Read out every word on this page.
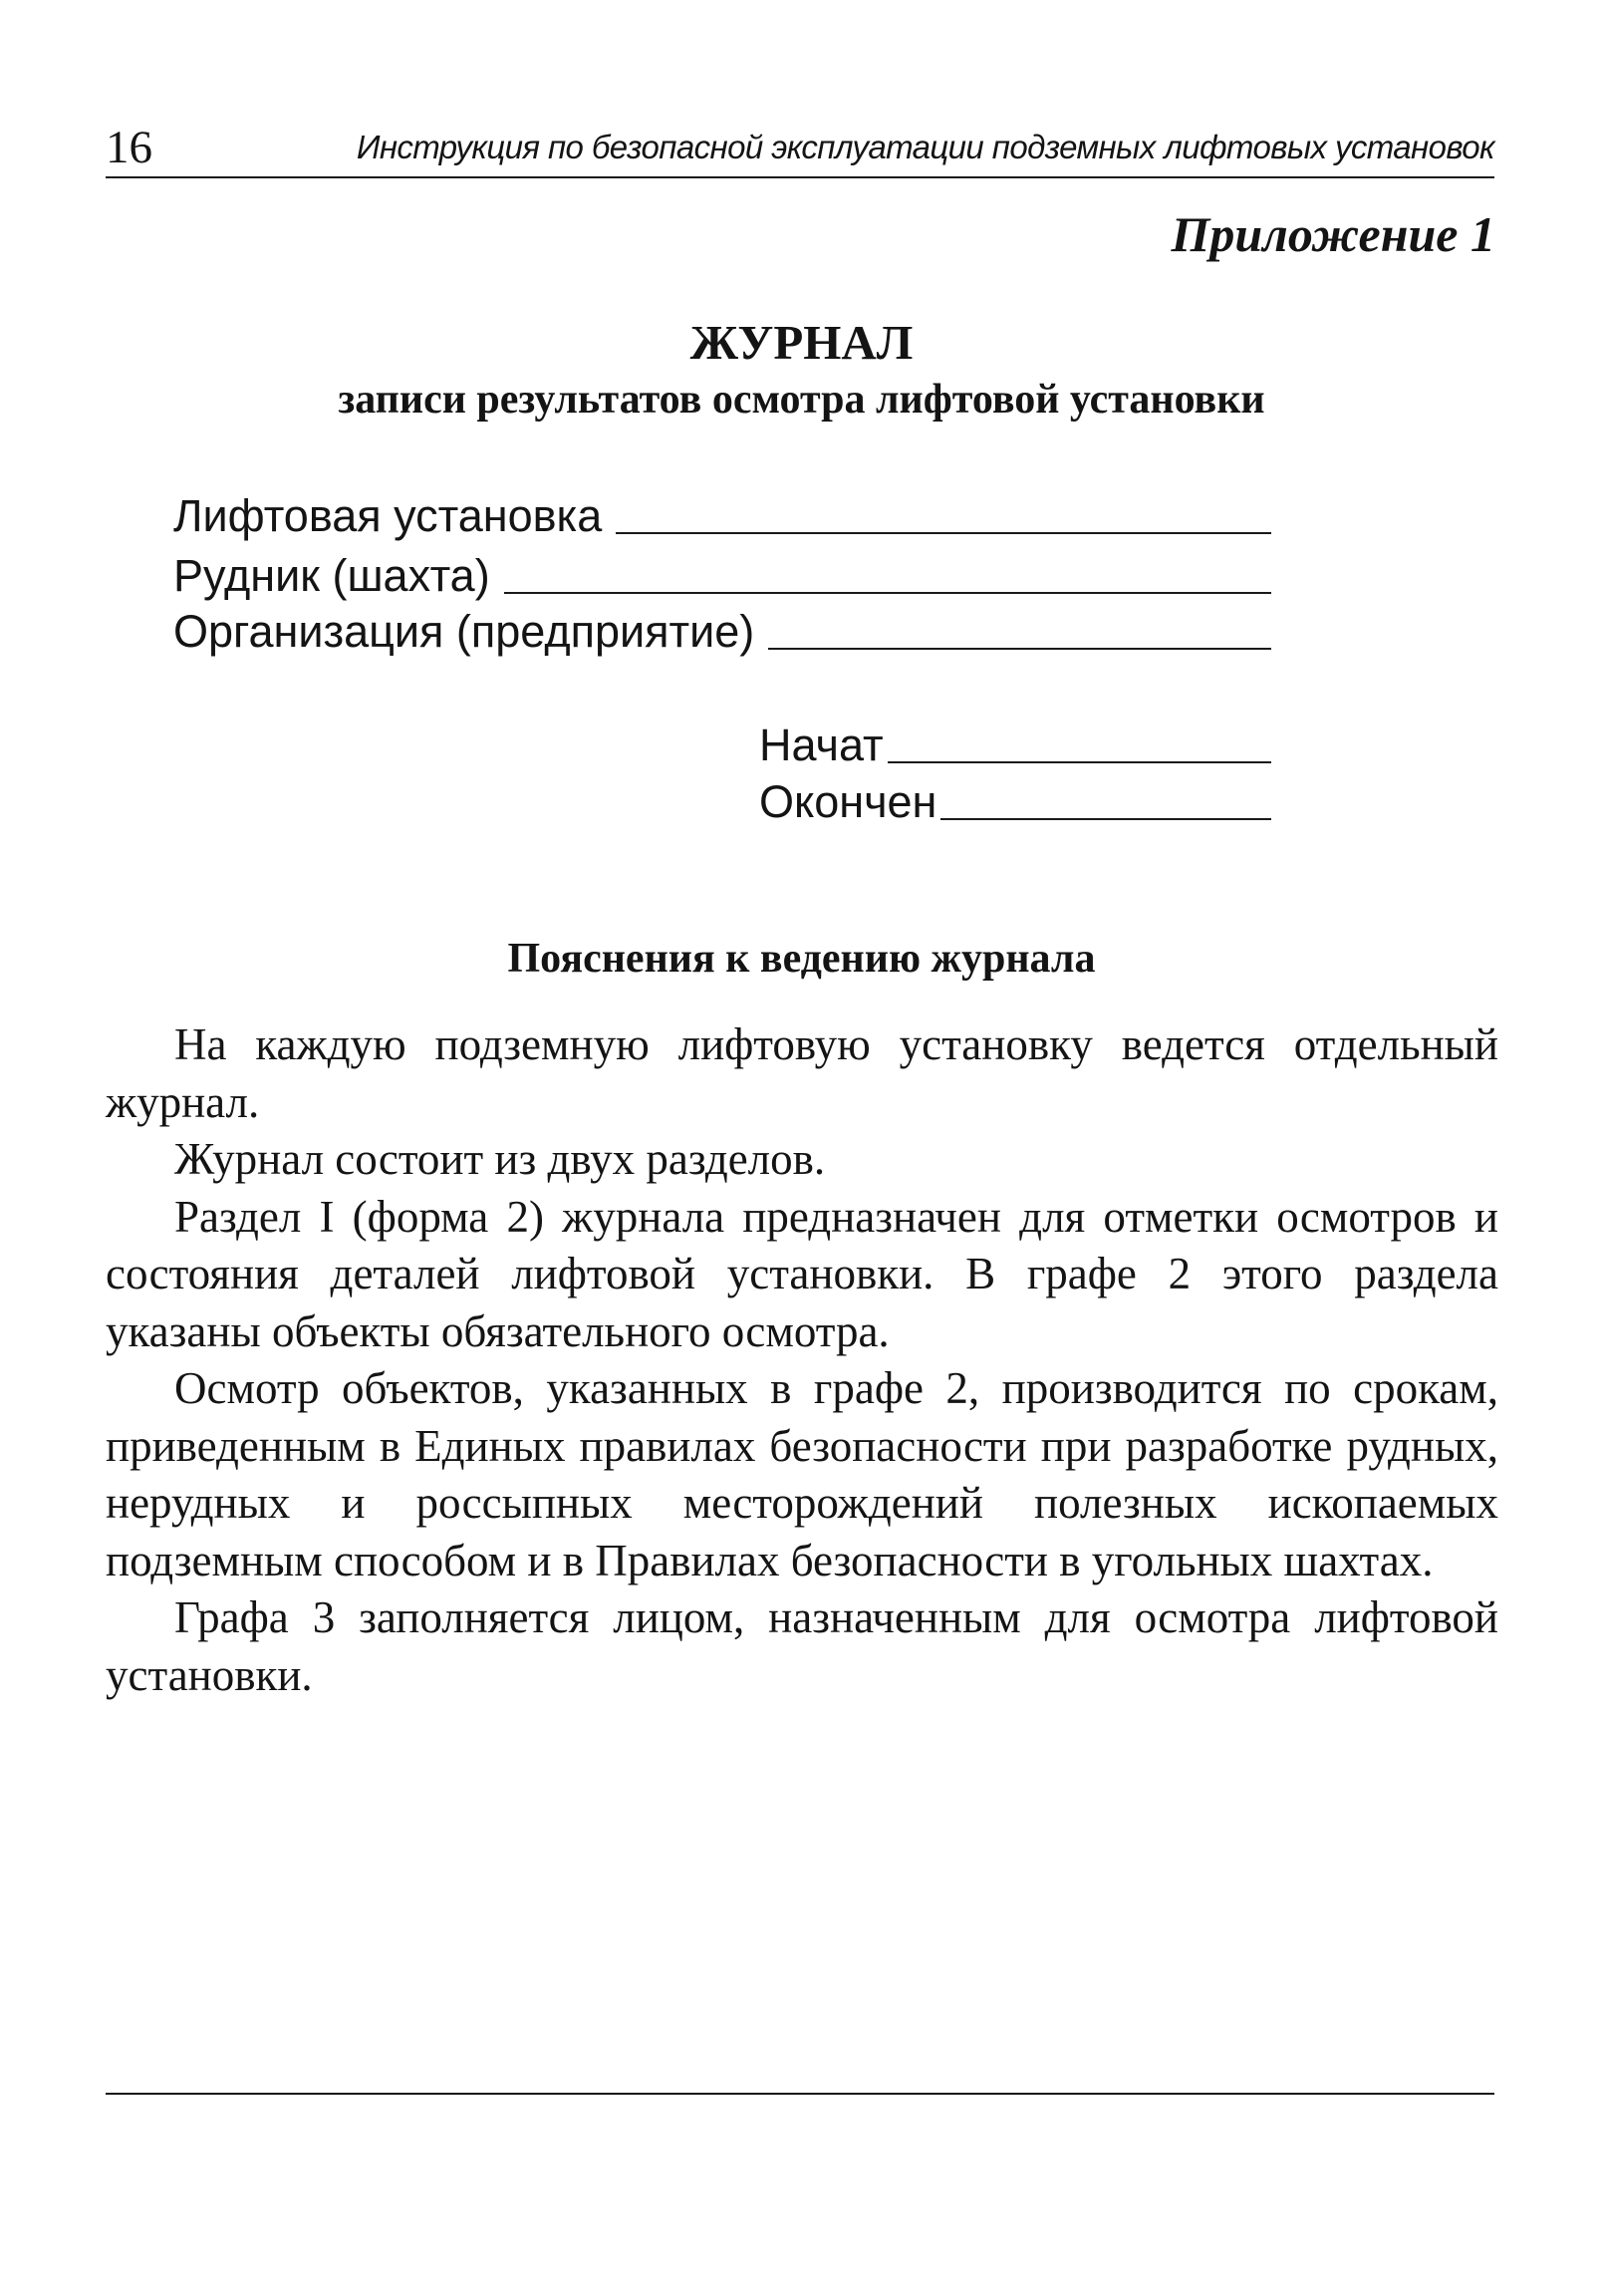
16	Инструкция по безопасной эксплуатации подземных лифтовых установок
Приложение 1
ЖУРНАЛ
записи результатов осмотра лифтовой установки
Лифтовая установка
Рудник (шахта)
Организация (предприятие)
Начат
Окончен
Пояснения к ведению журнала

На каждую подземную лифтовую установку ведется отдельный журнал.

Журнал состоит из двух разделов.

Раздел I (форма 2) журнала предназначен для отметки осмотров и состояния деталей лифтовой установки. В графе 2 этого раздела указаны объекты обязательного осмотра.

Осмотр объектов, указанных в графе 2, производится по срокам, приведенным в Единых правилах безопасности при разработке рудных, нерудных и россыпных месторождений полезных ископаемых подземным способом и в Правилах безопасности в угольных шахтах.

Графа 3 заполняется лицом, назначенным для осмотра лифтовой установки.
